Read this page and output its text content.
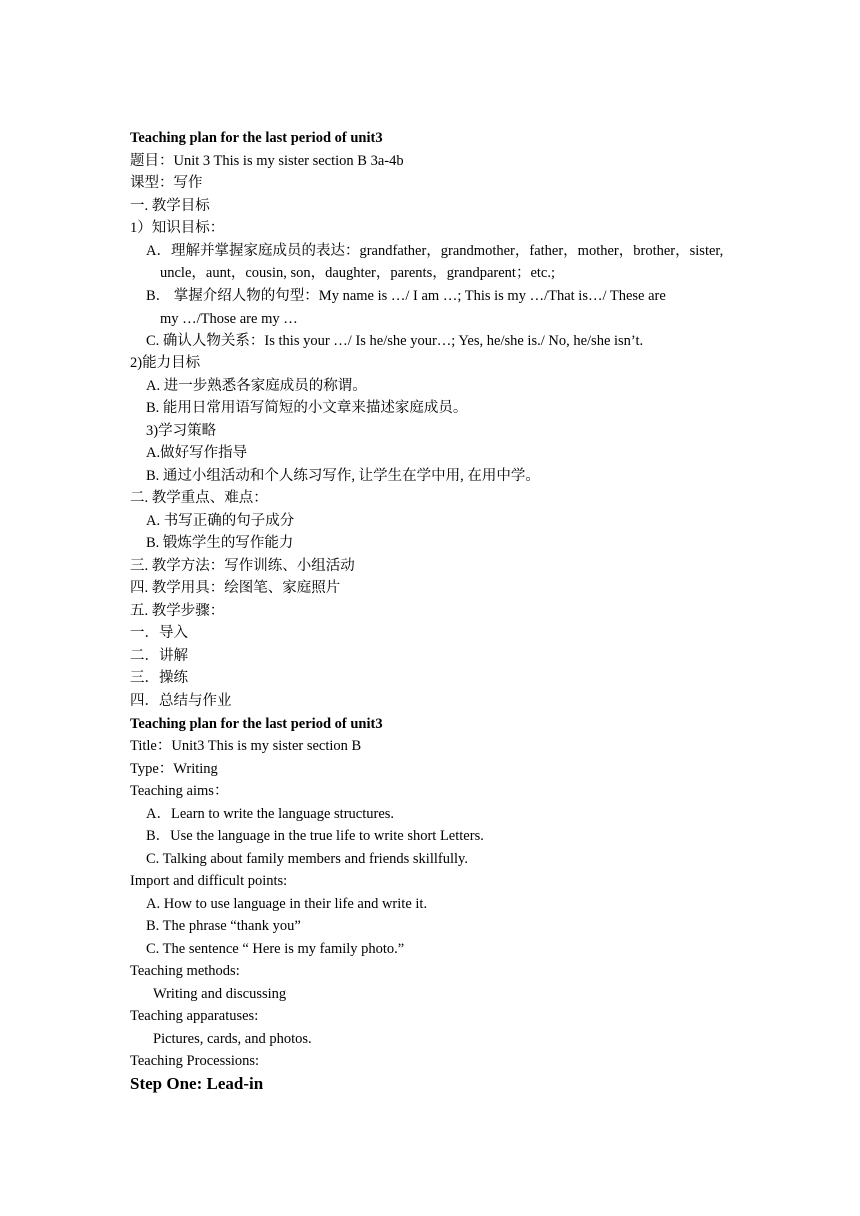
Teaching plan for the last period of unit3
题目：Unit 3 This is my sister section B 3a-4b
课型：写作
一. 教学目标
1）知识目标：
A．理解并掌握家庭成员的表达：grandfather，grandmother，father，mother，brother，sister,
uncle，aunt，cousin, son，daughter，parents，grandparent；etc.;
B． 掌握介绍人物的句型：My name is …/ I am …; This is my …/That is…/ These are
my …/Those are my …
C. 确认人物关系：Is this your …/ Is he/she your…; Yes, he/she is./ No, he/she isn’t.
2)能力目标
A. 进一步熟悉各家庭成员的称谓。
B. 能用日常用语写简短的小文章来描述家庭成员。
3)学习策略
A.做好写作指导
B. 通过小组活动和个人练习写作, 让学生在学中用, 在用中学。
二. 教学重点、难点：
A. 书写正确的句子成分
B. 锻炼学生的写作能力
三. 教学方法：写作训练、小组活动
四. 教学用具：绘图笔、家庭照片
五. 教学步骤：
一．导入
二．讲解
三．操练
四．总结与作业
Teaching plan for the last period of unit3
Title：Unit3 This is my sister section B
Type：Writing
Teaching aims：
A．Learn to write the language structures.
B．Use the language in the true life to write short Letters.
C. Talking about family members and friends skillfully.
Import and difficult points:
A. How to use language in their life and write it.
B. The phrase “thank you”
C. The sentence “ Here is my family photo.”
Teaching methods:
Writing and discussing
Teaching apparatuses:
Pictures, cards, and photos.
Teaching Processions:
Step One: Lead-in
